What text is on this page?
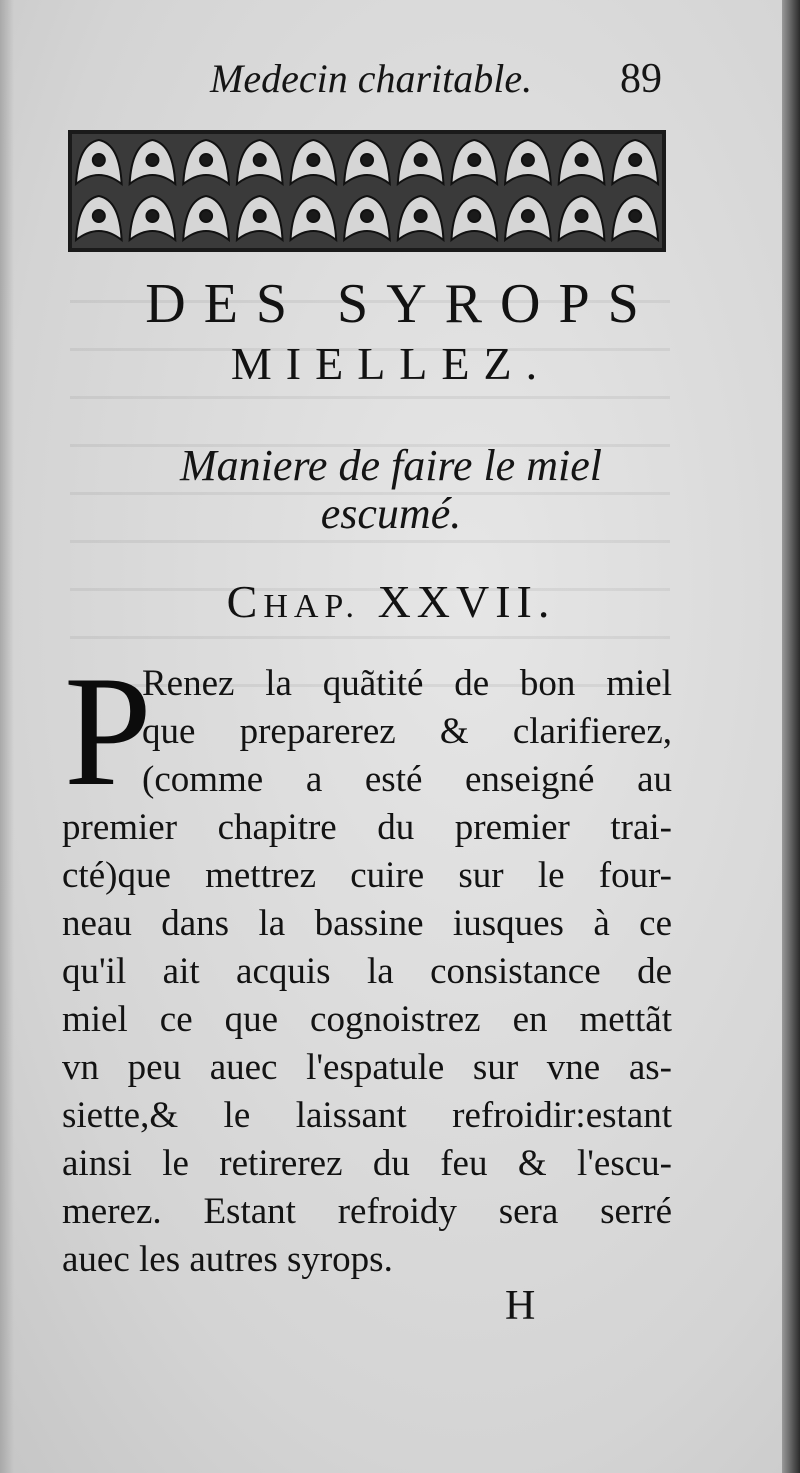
Medecin charitable. 89
DES SYROPS
MIELLEZ.
Maniere de faire le miel
escumé.
CHAP. XXVII.
P
Renez la quãtité de bon miel
que preparerez & clarifierez,
(comme a esté enseigné au
premier chapitre du premier trai-
cté)que mettrez cuire sur le four-
neau dans la bassine iusques à ce
qu'il ait acquis la consistance de
miel ce que cognoistrez en mettãt
vn peu auec l'espatule sur vne as-
siette,& le laissant refroidir:estant
ainsi le retirerez du feu & l'escu-
merez. Estant refroidy sera serré
auec les autres syrops.
H
